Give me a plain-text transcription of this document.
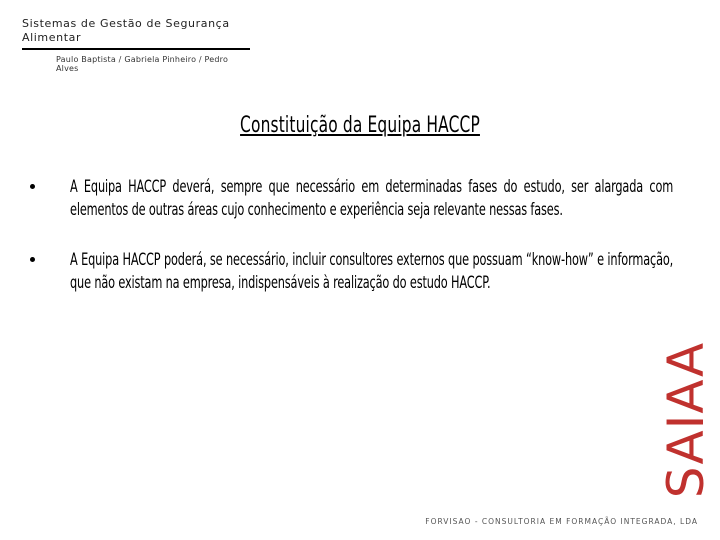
Sistemas de Gestão de Segurança Alimentar
Paulo Baptista / Gabriela Pinheiro / Pedro Alves
Constituição da Equipa HACCP
A Equipa HACCP deverá, sempre que necessário em determinadas fases do estudo, ser alargada com elementos de outras áreas cujo conhecimento e experiência seja relevante nessas fases.
A Equipa HACCP poderá, se necessário, incluir consultores externos que possuam “know-how” e informação, que não existam na empresa, indispensáveis à realização do estudo HACCP.
SAIAA
FORVISAO - CONSULTORIA EM FORMAÇÃO INTEGRADA, LDA
